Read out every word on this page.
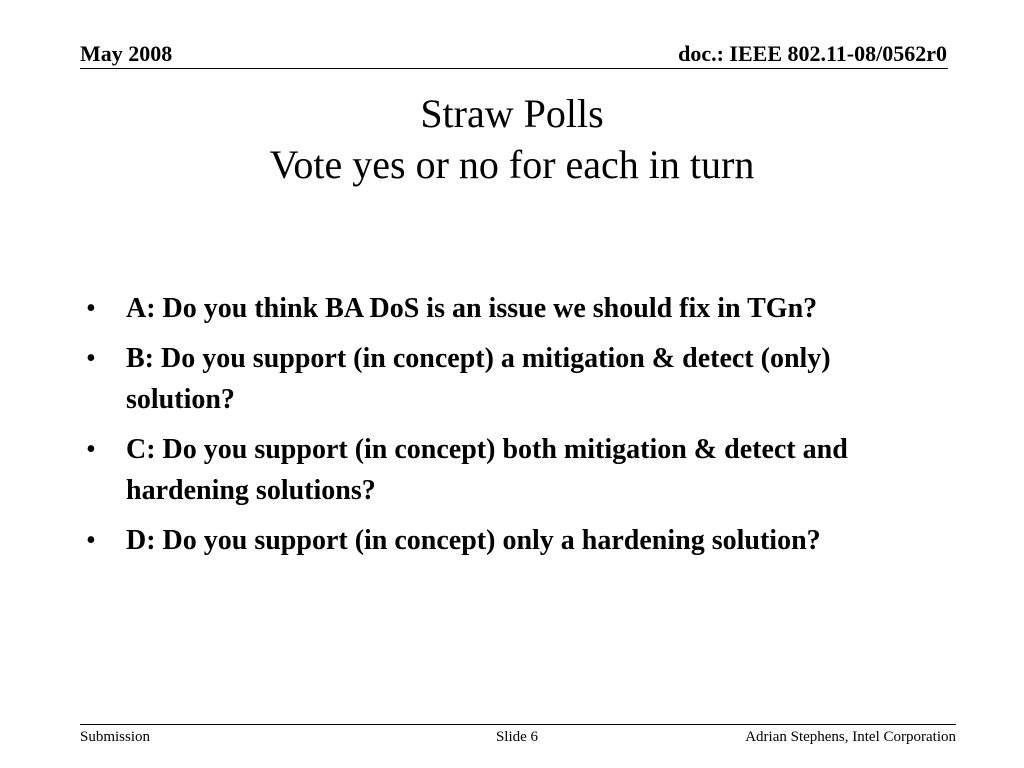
May 2008	doc.: IEEE 802.11-08/0562r0
Straw Polls
Vote yes or no for each in turn
• A: Do you think BA DoS is an issue we should fix in TGn?
• B: Do you support (in concept) a mitigation & detect (only) solution?
• C: Do you support (in concept) both mitigation & detect and hardening solutions?
• D: Do you support (in concept) only a hardening solution?
Submission	Slide 6	Adrian Stephens, Intel Corporation
